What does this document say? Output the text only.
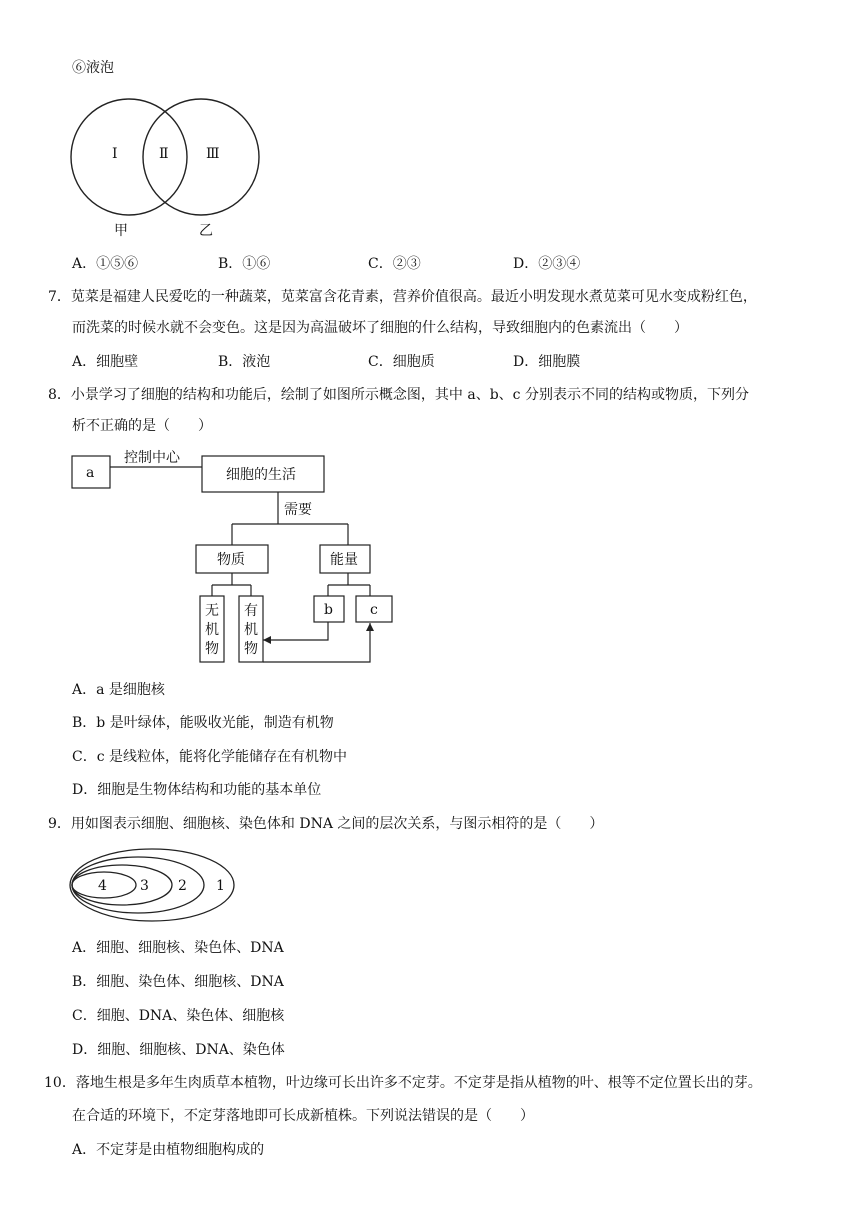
⑥液泡
Ⅰ	Ⅱ	Ⅲ
甲	乙
A．①⑤⑥	B．①⑥	C．②③	D．②③④
7．苋菜是福建人民爱吃的一种蔬菜，苋菜富含花青素，营养价值很高。最近小明发现水煮苋菜可见水变成粉红色，
而洗菜的时候水就不会变色。这是因为高温破坏了细胞的什么结构，导致细胞内的色素流出（　　）
A．细胞壁	B．液泡	C．细胞质	D．细胞膜
8．小景学习了细胞的结构和功能后，绘制了如图所示概念图，其中 a、b、c 分别表示不同的结构或物质，下列分
析不正确的是（　　）
a
控制中心
细胞的生活
需要
物质	能量
无
机
物
有
机
物
b	c
A．a 是细胞核
B．b 是叶绿体，能吸收光能，制造有机物
C．c 是线粒体，能将化学能储存在有机物中
D．细胞是生物体结构和功能的基本单位
9．用如图表示细胞、细胞核、染色体和 DNA 之间的层次关系，与图示相符的是（　　）
4 3 2 1
A．细胞、细胞核、染色体、DNA
B．细胞、染色体、细胞核、DNA
C．细胞、DNA、染色体、细胞核
D．细胞、细胞核、DNA、染色体
10．落地生根是多年生肉质草本植物，叶边缘可长出许多不定芽。不定芽是指从植物的叶、根等不定位置长出的芽。
在合适的环境下，不定芽落地即可长成新植株。下列说法错误的是（　　）
A．不定芽是由植物细胞构成的
